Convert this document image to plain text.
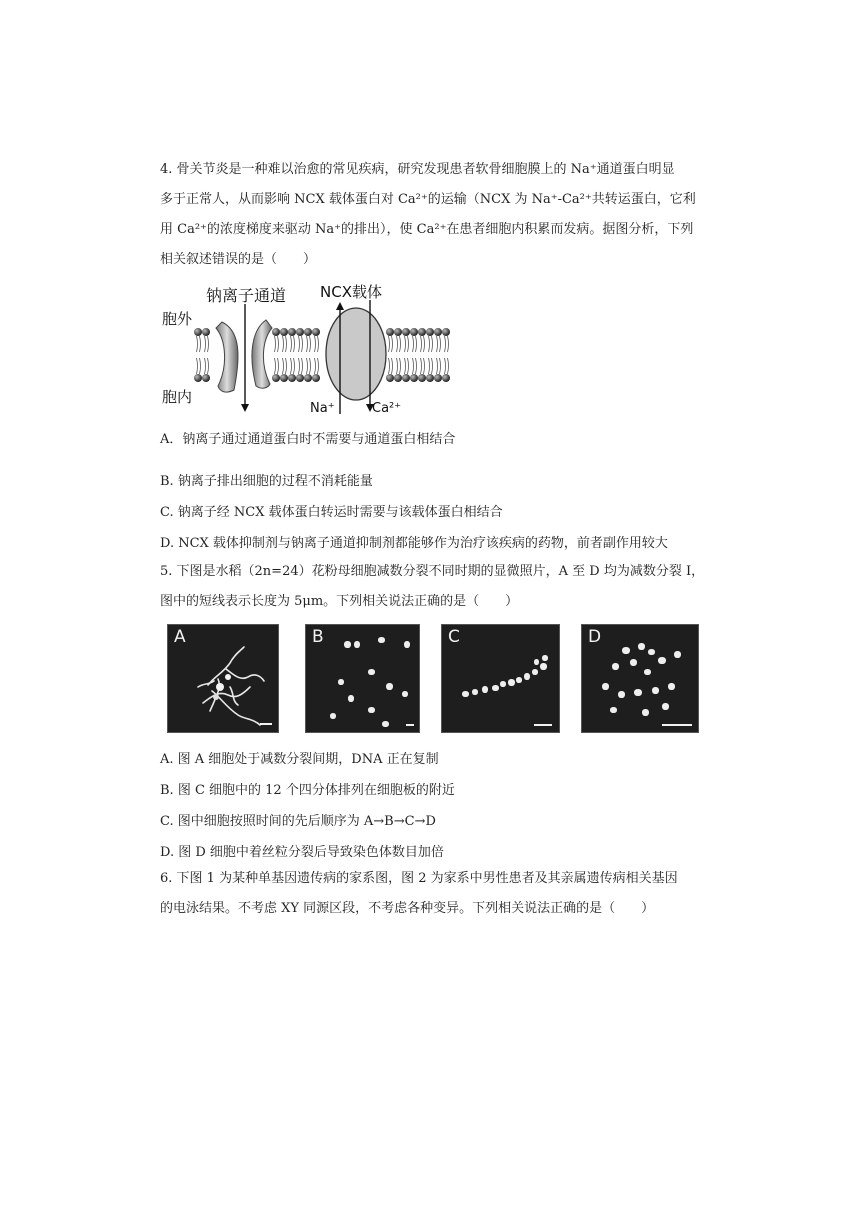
4. 骨关节炎是一种难以治愈的常见疾病，研究发现患者软骨细胞膜上的 Na⁺通道蛋白明显
多于正常人，从而影响 NCX 载体蛋白对 Ca²⁺的运输（NCX 为 Na⁺-Ca²⁺共转运蛋白，它利
用 Ca²⁺的浓度梯度来驱动 Na⁺的排出），使 Ca²⁺在患者细胞内积累而发病。据图分析，下列
相关叙述错误的是（　　）
钠离子通道 NCX载体
胞外
胞内
Na⁺	Ca²⁺
A．钠离子通过通道蛋白时不需要与通道蛋白相结合
B. 钠离子排出细胞的过程不消耗能量
C. 钠离子经 NCX 载体蛋白转运时需要与该载体蛋白相结合
D. NCX 载体抑制剂与钠离子通道抑制剂都能够作为治疗该疾病的药物，前者副作用较大
5. 下图是水稻（2n=24）花粉母细胞减数分裂不同时期的显微照片，A 至 D 均为减数分裂 I，
图中的短线表示长度为 5μm。下列相关说法正确的是（　　）
A	B	C	D
A. 图 A 细胞处于减数分裂间期，DNA 正在复制
B. 图 C 细胞中的 12 个四分体排列在细胞板的附近
C. 图中细胞按照时间的先后顺序为 A→B→C→D
D. 图 D 细胞中着丝粒分裂后导致染色体数目加倍
6. 下图 1 为某种单基因遗传病的家系图，图 2 为家系中男性患者及其亲属遗传病相关基因
的电泳结果。不考虑 XY 同源区段，不考虑各种变异。下列相关说法正确的是（　　）
